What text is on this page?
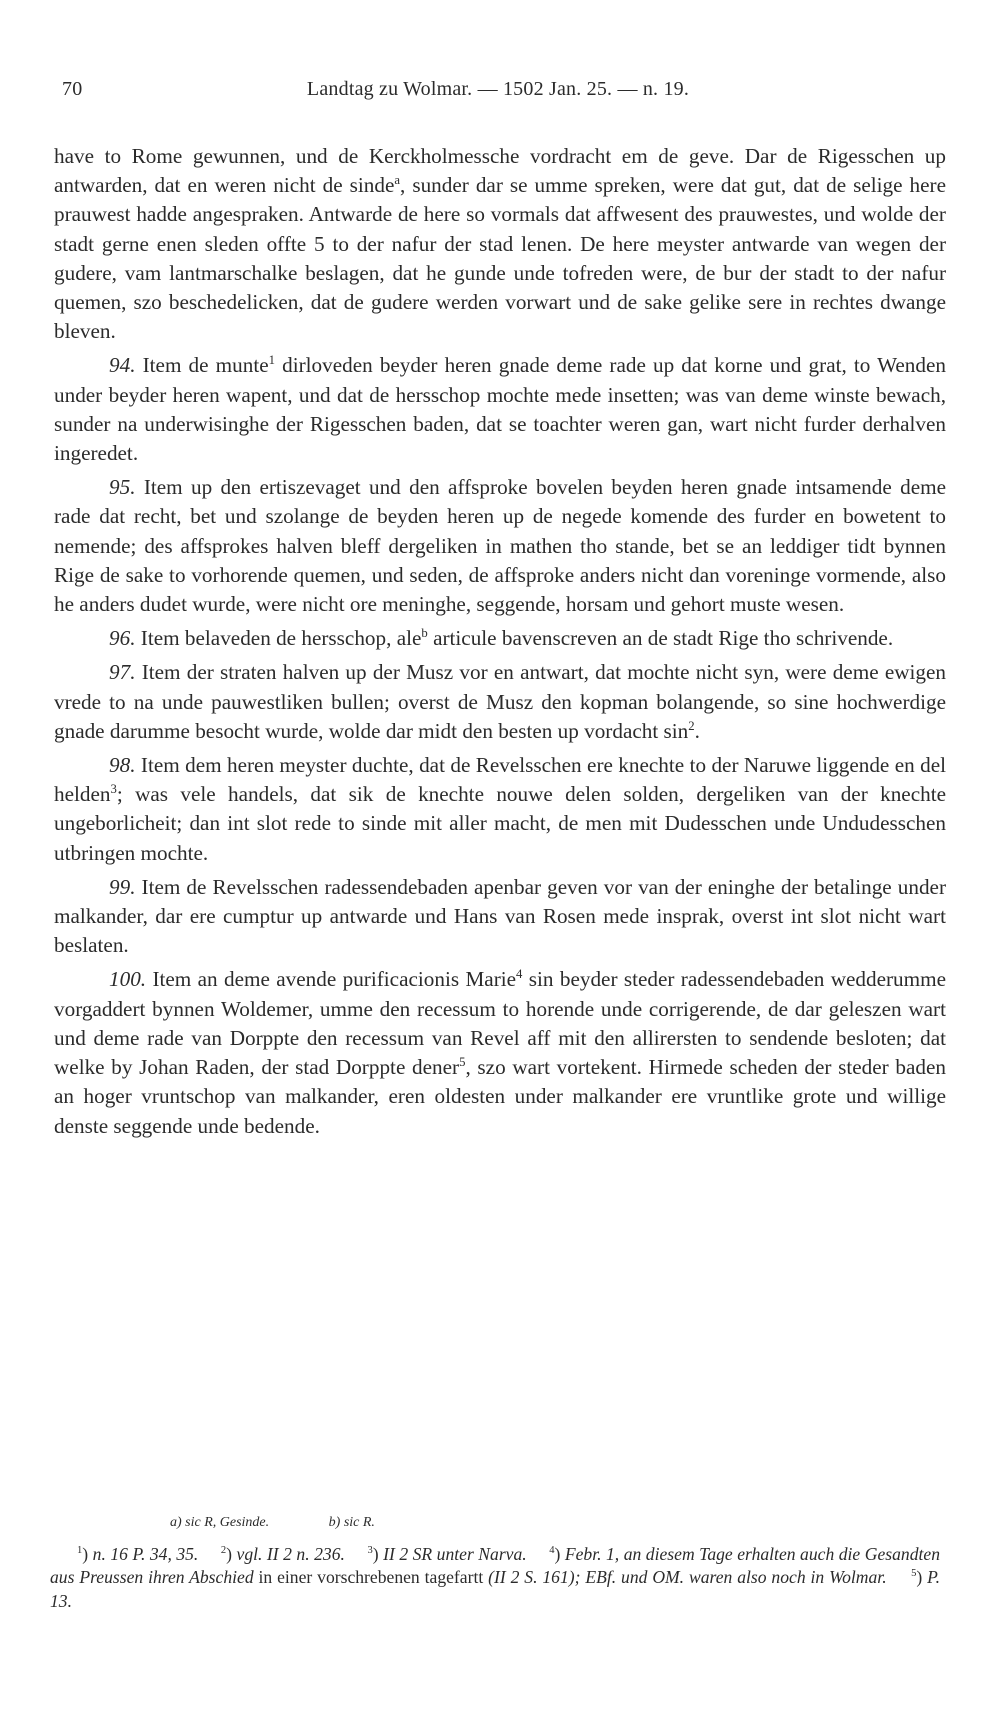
70	Landtag zu Wolmar. — 1502 Jan. 25. — n. 19.

have to Rome gewunnen, und de Kerckholmessche vordracht em de geve. Dar de Rigesschen up antwarden, dat en weren nicht de sinde$^a$, sunder dar se umme spreken, were dat gut, dat de selige here prauwest hadde angespraken. Antwarde de here so vormals dat affwesent des prauwestes, und wolde der stadt gerne enen sleden offte 5 to der nafur der stad lenen. De here meyster antwarde van wegen der gudere, vam lantmarschalke beslagen, dat he gunde unde tofreden were, de bur der stadt to der nafur quemen, szo beschedelicken, dat de gudere werden vorwart und de sake gelike sere in rechtes dwange bleven.

94. Item de munte$^1$ dirloveden beyder heren gnade deme rade up dat korne und grat, to Wenden under beyder heren wapent, und dat de hersschop mochte mede insetten; was van deme winste bewach, sunder na underwisinghe der Rigesschen baden, dat se toachter weren gan, wart nicht furder derhalven ingeredet.

95. Item up den ertiszevaget und den affsproke bovelen beyden heren gnade intsamende deme rade dat recht, bet und szolange de beyden heren up de negede komende des furder en bowetent to nemende; des affsprokes halven bleff dergeliken in mathen tho stande, bet se an leddiger tidt bynnen Rige de sake to vorhorende quemen, und seden, de affsproke anders nicht dan voreninge vormende, also he anders dudet wurde, were nicht ore meninghe, seggende, horsam und gehort muste wesen.

96. Item belaveden de hersschop, ale$^b$ articule bavenscreven an de stadt Rige tho schrivende.

97. Item der straten halven up der Musz vor en antwart, dat mochte nicht syn, were deme ewigen vrede to na unde pauwestliken bullen; overst de Musz den kopman bolangende, so sine hochwerdige gnade darumme besocht wurde, wolde dar midt den besten up vordacht $\sin^2$.

98. Item dem heren meyster duchte, dat de Revelsschen ere knechte to der Naruwe liggende en del helden$^3$; was vele handels, dat sik de knechte nouwe delen solden, dergeliken van der knechte ungeborlicheit; dan int slot rede to sinde mit aller macht, de men mit Dudesschen unde Undudesschen utbringen mochte.

99. Item de Revelsschen radessendebaden apenbar geven vor van der eninghe der betalinge under malkander, dar ere cumptur up antwarde und Hans van Rosen mede insprak, overst int slot nicht wart beslaten.

100. Item an deme avende purificacionis Marie$^4$ sin beyder steder radessendebaden wedderumme vorgaddert bynnen Woldemer, umme den recessum to horende unde corrigerende, de dar geleszen wart und deme rade van Dorppte den recessum van Revel aff mit den allirersten to sendende besloten; dat welke by Johan Raden, der stad Dorppte dener$^5$, szo wart vortekent. Hirmede scheden der steder baden an hoger vruntschop van malkander, eren oldesten under malkander ere vruntlike grote und willige denste seggende unde bedende.

a) sic R, Gesinde.	b) sic R.
$^1$) n. 16 P. 34, 35. $^2$) vgl. II 2 n. 236. $^3$) II 2 SR unter Narva. $^4$) Febr. 1, an diesem Tage erhalten auch die Gesandten aus Preussen ihren Abschied in einer vorschrebenen tagefartt (II 2 S. 161); EBf. und OM. waren also noch in Wolmar. $^5$) P. 13.
